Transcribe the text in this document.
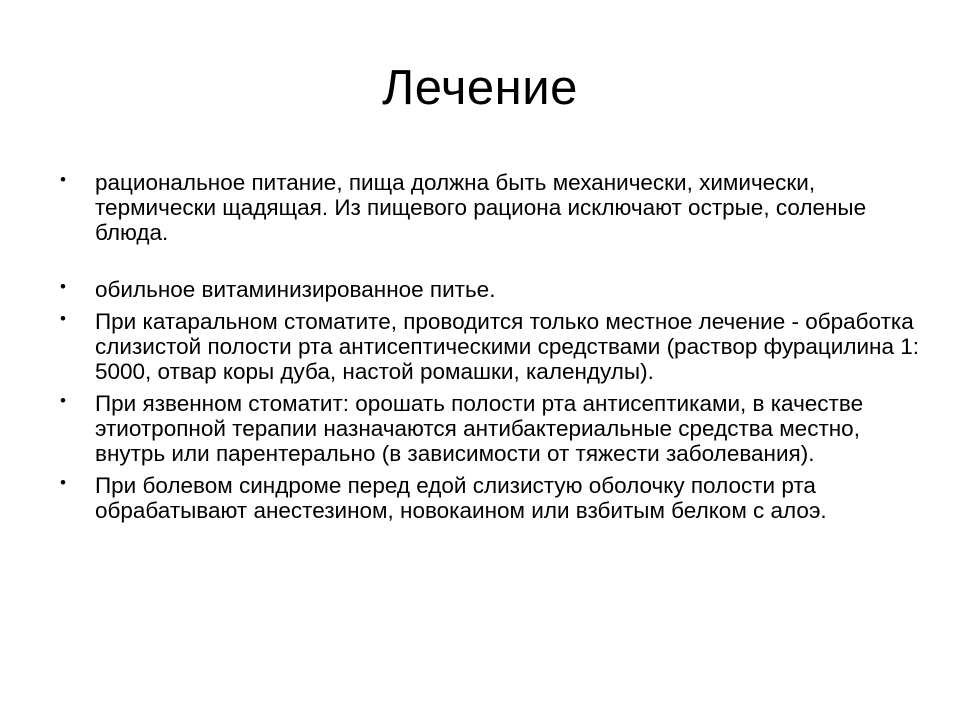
Лечение
• рациональное питание, пища должна быть механически, химически, термически щадящая. Из пищевого рациона исключают острые, соленые блюда.
• обильное витаминизированное питье.
• При катаральном стоматите, проводится только местное лечение - обработка слизистой полости рта антисептическими средствами (раствор фурацилина 1: 5000, отвар коры дуба, настой ромашки, календулы).
• При язвенном стоматит: орошать полости рта антисептиками, в качестве этиотропной терапии назначаются антибактериальные средства местно, внутрь или парентерально (в зависимости от тяжести заболевания).
• При болевом синдроме перед едой слизистую оболочку полости рта обрабатывают анестезином, новокаином или взбитым белком с алоэ.
